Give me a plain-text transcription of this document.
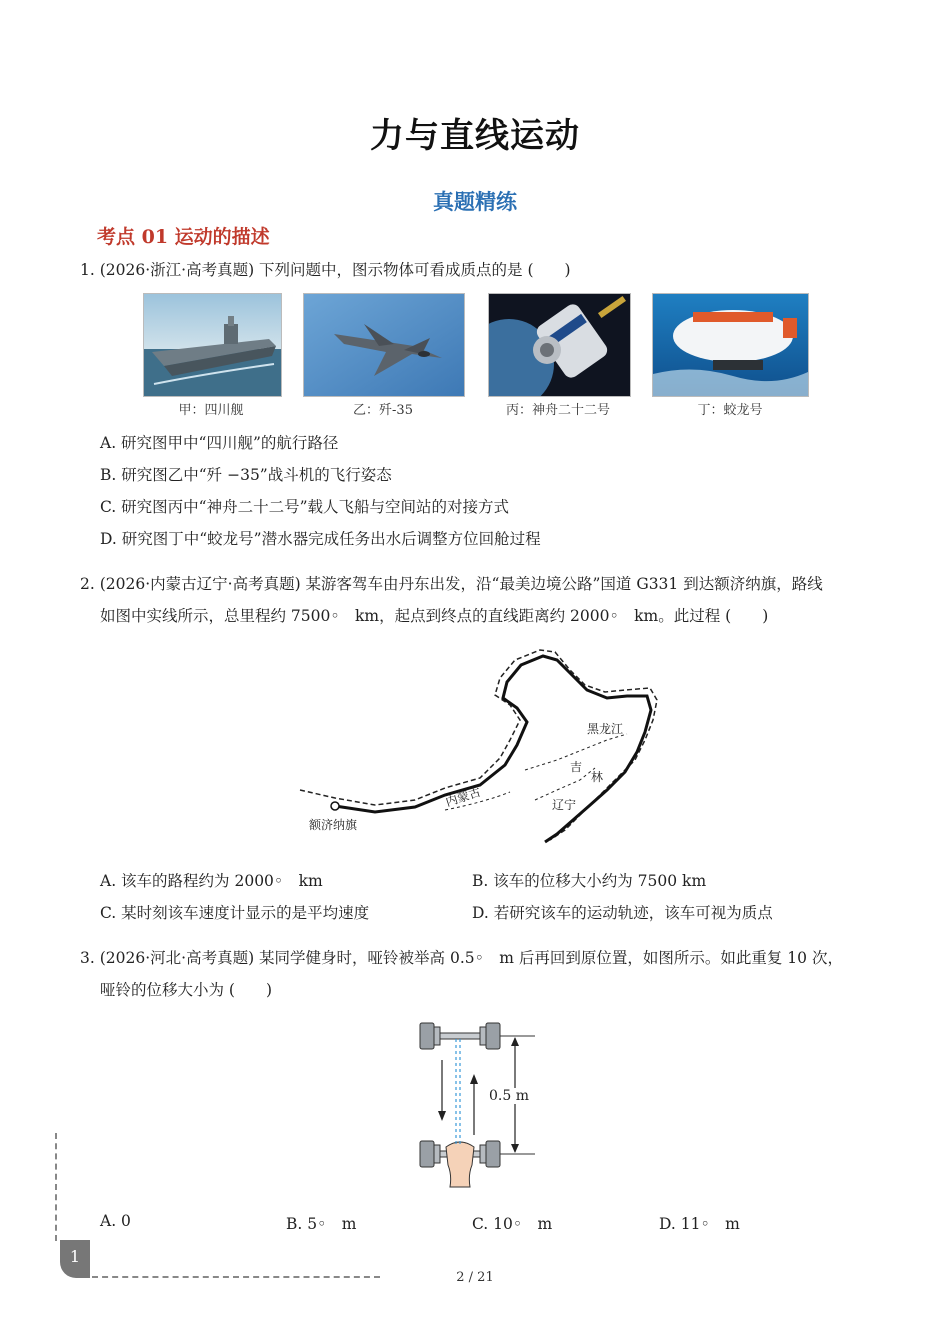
力与直线运动
真题精练
考点 01 运动的描述
1. (2026·浙江·高考真题) 下列问题中，图示物体可看成质点的是 (　　)
甲：四川舰	乙：歼-35	丙：神舟二十二号	丁：蛟龙号
A. 研究图甲中“四川舰”的航行路径
B. 研究图乙中“歼 −35”战斗机的飞行姿态
C. 研究图丙中“神舟二十二号”载人飞船与空间站的对接方式
D. 研究图丁中“蛟龙号”潜水器完成任务出水后调整方位回舱过程
2. (2026·内蒙古辽宁·高考真题) 某游客驾车由丹东出发，沿“最美边境公路”国道 G331 到达额济纳旗，路线
如图中实线所示，总里程约 7500◦　km，起点到终点的直线距离约 2000◦　km。此过程 (　　)
黑龙江
吉
林
辽宁
内蒙古
额济纳旗
A. 该车的路程约为 2000◦　km	B. 该车的位移大小约为 7500 km
C. 某时刻该车速度计显示的是平均速度	D. 若研究该车的运动轨迹，该车可视为质点
3. (2026·河北·高考真题) 某同学健身时，哑铃被举高 0.5◦　m 后再回到原位置，如图所示。如此重复 10 次，
哑铃的位移大小为 (　　)
0.5 m
A. 0	B. 5◦　m	C. 10◦　m	D. 11◦　m
1
2 / 21
